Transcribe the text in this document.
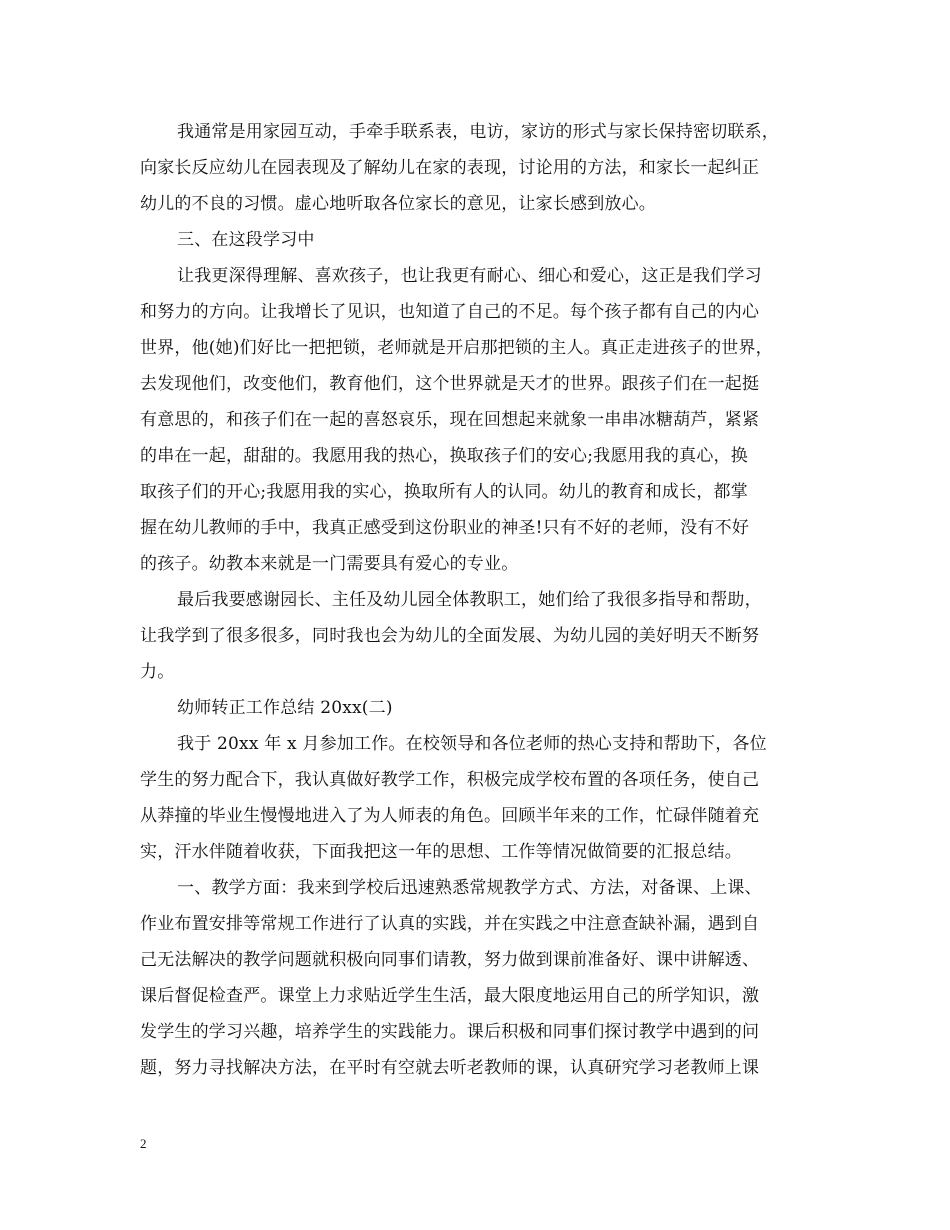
我通常是用家园互动，手牵手联系表，电访，家访的形式与家长保持密切联系，
向家长反应幼儿在园表现及了解幼儿在家的表现，讨论用的方法，和家长一起纠正
幼儿的不良的习惯。虚心地听取各位家长的意见，让家长感到放心。
三、在这段学习中
让我更深得理解、喜欢孩子，也让我更有耐心、细心和爱心，这正是我们学习
和努力的方向。让我增长了见识，也知道了自己的不足。每个孩子都有自己的内心
世界，他(她)们好比一把把锁，老师就是开启那把锁的主人。真正走进孩子的世界，
去发现他们，改变他们，教育他们，这个世界就是天才的世界。跟孩子们在一起挺
有意思的，和孩子们在一起的喜怒哀乐，现在回想起来就象一串串冰糖葫芦，紧紧
的串在一起，甜甜的。我愿用我的热心，换取孩子们的安心;我愿用我的真心，换
取孩子们的开心;我愿用我的实心，换取所有人的认同。幼儿的教育和成长，都掌
握在幼儿教师的手中，我真正感受到这份职业的神圣!只有不好的老师，没有不好
的孩子。幼教本来就是一门需要具有爱心的专业。
最后我要感谢园长、主任及幼儿园全体教职工，她们给了我很多指导和帮助，
让我学到了很多很多，同时我也会为幼儿的全面发展、为幼儿园的美好明天不断努
力。
幼师转正工作总结 20xx(二)
我于 20xx 年 x 月参加工作。在校领导和各位老师的热心支持和帮助下，各位
学生的努力配合下，我认真做好教学工作，积极完成学校布置的各项任务，使自己
从莽撞的毕业生慢慢地进入了为人师表的角色。回顾半年来的工作，忙碌伴随着充
实，汗水伴随着收获，下面我把这一年的思想、工作等情况做简要的汇报总结。
一、教学方面：我来到学校后迅速熟悉常规教学方式、方法，对备课、上课、
作业布置安排等常规工作进行了认真的实践，并在实践之中注意查缺补漏，遇到自
己无法解决的教学问题就积极向同事们请教，努力做到课前准备好、课中讲解透、
课后督促检查严。课堂上力求贴近学生生活，最大限度地运用自己的所学知识，激
发学生的学习兴趣，培养学生的实践能力。课后积极和同事们探讨教学中遇到的问
题，努力寻找解决方法，在平时有空就去听老教师的课，认真研究学习老教师上课
2
